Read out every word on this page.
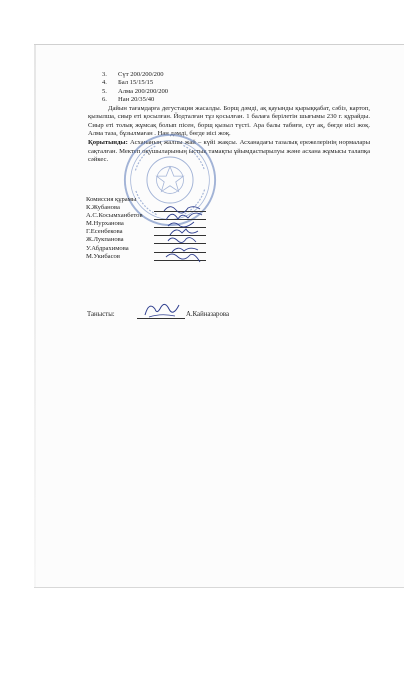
3. Сүт 200/200/200
4. Бал 15/15/15
5. Алма 200/200/200
6. Нан 20/35/40

Дайын тағамдарға дегустация жасалды. Борщ дәмді, ақ қауынды қырыққабат, сәбіз, картоп, қызылша, сиыр еті қосылған. Йодталған тұз қосылған. 1 балаға берілетін шығымы 230 г. құрайды. Сиыр еті толық жұмсақ болып пісен, борщ қызыл түсті. Ара балы табиғи, сүт ақ, бөгде иісі жоқ. Алма таза, бұзылмаған . Нан дәмді, бөгде иісі жоқ.

Қорытынды: Асхананың жалпы жай – күйі жақсы. Асханадағы тазалық ережелерінің нормалары сақталған. Мектеп оқушыларының ыстық тамақты ұйымдастырылуы және асхана жұмысы талапқа сәйкес.

Комиссия құрамы
К.Жубанова
А.С.Косымханбетов
М.Нурханова
Г.Есенбекова
Ж.Лукпанова
У.Абдрахимова
М.Укибасов
Танысты:	А.Кайназарова
